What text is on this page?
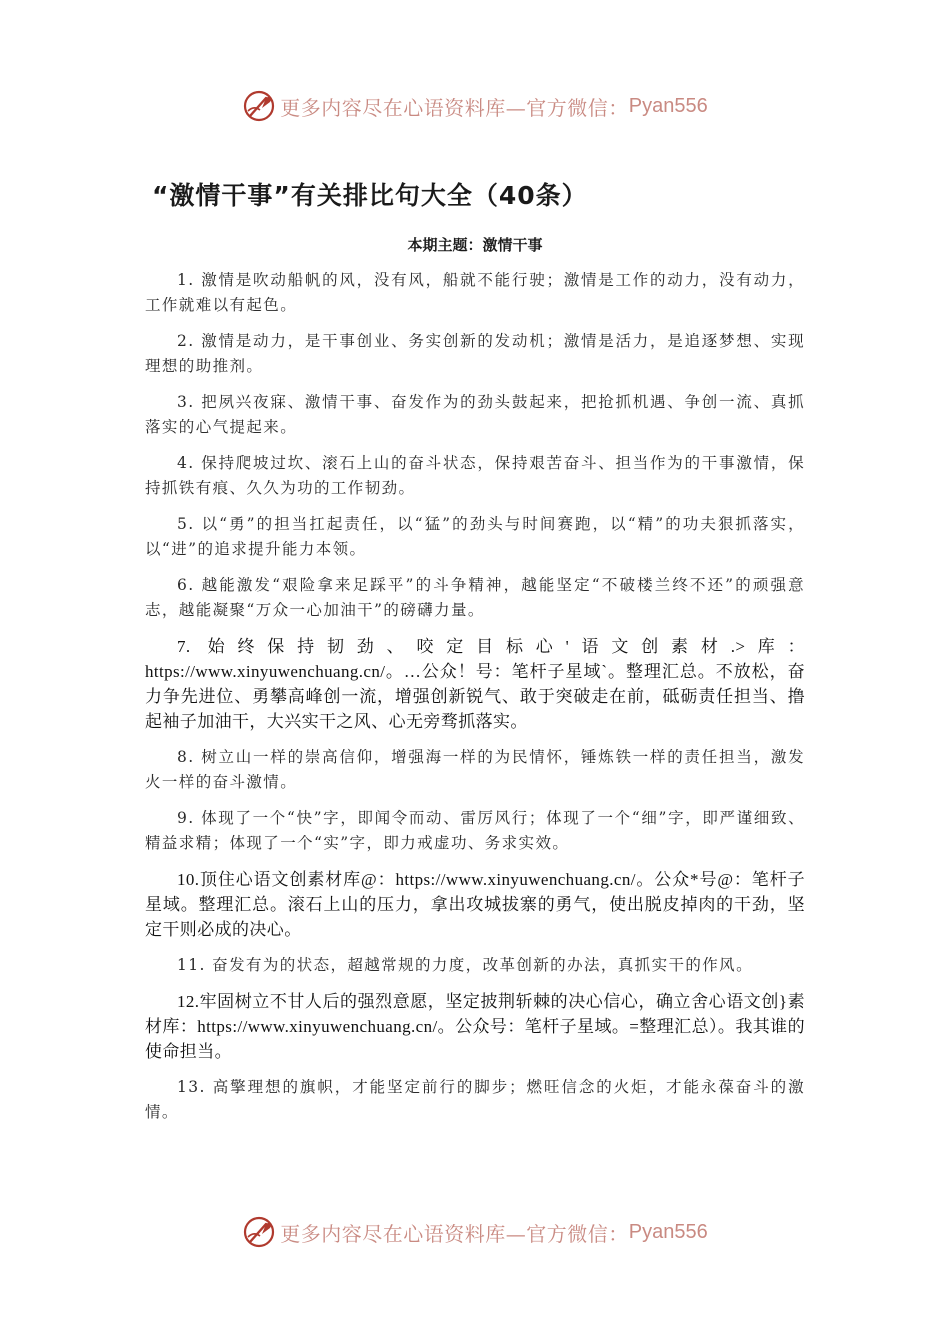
更多内容尽在心语资料库—官方微信： Pyan556
“激情干事”有关排比句大全（40条）
本期主题：激情干事

1. 激情是吹动船帆的风，没有风，船就不能行驶；激情是工作的动力，没有动力，工作就难以有起色。

2. 激情是动力，是干事创业、务实创新的发动机；激情是活力，是追逐梦想、实现理想的助推剂。

3. 把夙兴夜寐、激情干事、奋发作为的劲头鼓起来，把抢抓机遇、争创一流、真抓落实的心气提起来。

4. 保持爬坡过坎、滚石上山的奋斗状态，保持艰苦奋斗、担当作为的干事激情，保持抓铁有痕、久久为功的工作韧劲。

5. 以“勇”的担当扛起责任，以“猛”的劲头与时间赛跑，以“精”的功夫狠抓落实，以“进”的追求提升能力本领。

6. 越能激发“艰险拿来足踩平”的斗争精神，越能坚定“不破楼兰终不还”的顽强意志，越能凝聚“万众一心加油干”的磅礴力量。

7. 始终保持韧劲、咬定目标心'语文创素材.>库：https://www.xinyuwenchuang.cn/。…公众！号：笔杆子星域`。整理汇总。不放松，奋力争先进位、勇攀高峰创一流，增强创新锐气、敢于突破走在前，砥砺责任担当、撸起袖子加油干，大兴实干之风、心无旁骛抓落实。

8. 树立山一样的崇高信仰，增强海一样的为民情怀，锤炼铁一样的责任担当，激发火一样的奋斗激情。

9. 体现了一个“快”字，即闻令而动、雷厉风行；体现了一个“细”字，即严谨细致、精益求精；体现了一个“实”字，即力戒虚功、务求实效。

10.顶住心语文创素材库@：https://www.xinyuwenchuang.cn/。公众*号@：笔杆子星域。整理汇总。滚石上山的压力，拿出攻城拔寨的勇气，使出脱皮掉肉的干劲，坚定干则必成的决心。

11. 奋发有为的状态，超越常规的力度，改革创新的办法，真抓实干的作风。

12.牢固树立不甘人后的强烈意愿，坚定披荆斩棘的决心信心，确立舍心语文创}素材库：https://www.xinyuwenchuang.cn/。公众号：笔杆子星域。=整理汇总）。我其谁的使命担当。

13. 高擎理想的旗帜，才能坚定前行的脚步；燃旺信念的火炬，才能永葆奋斗的激情。

更多内容尽在心语资料库—官方微信： Pyan556
